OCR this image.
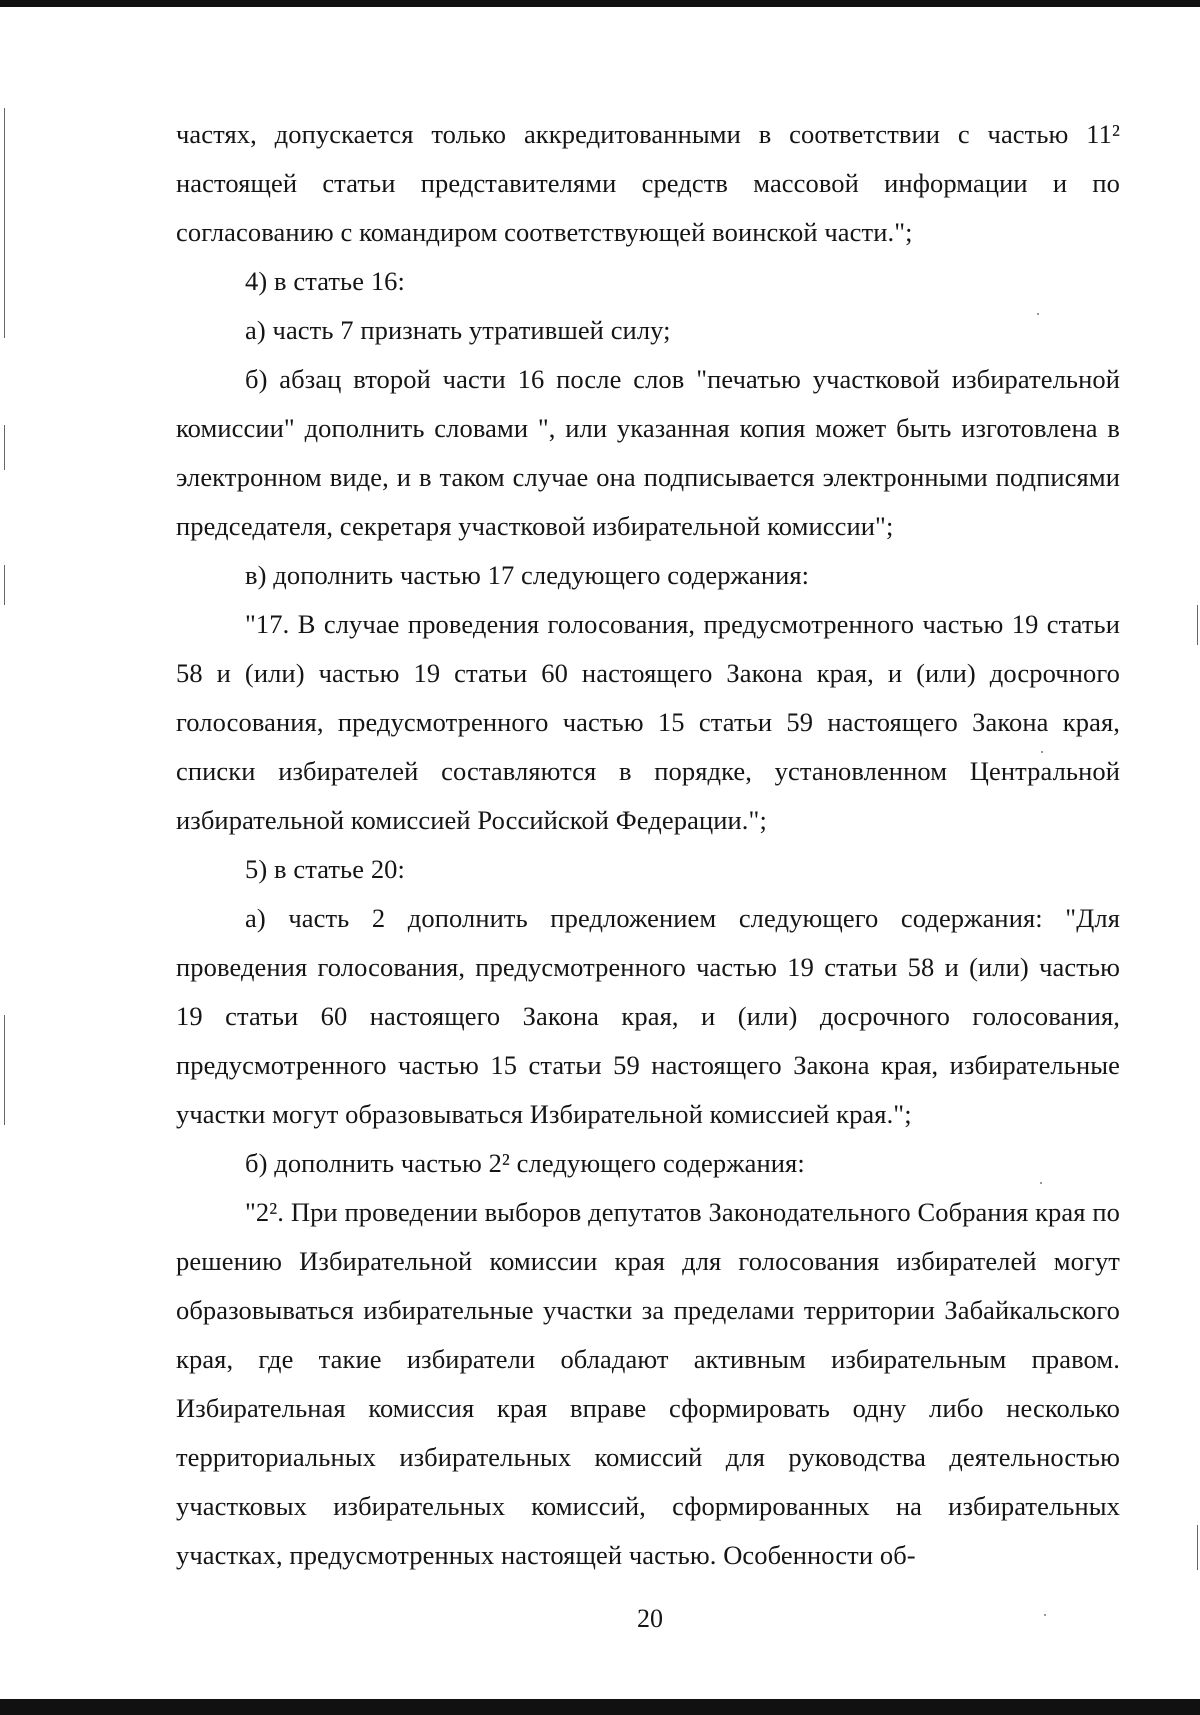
частях, допускается только аккредитованными в соответствии с частью 11² настоящей статьи представителями средств массовой информации и по согласованию с командиром соответствующей воинской части.";

4) в статье 16:

а) часть 7 признать утратившей силу;

б) абзац второй части 16 после слов "печатью участковой избирательной комиссии" дополнить словами ", или указанная копия может быть изготовлена в электронном виде, и в таком случае она подписывается электронными подписями председателя, секретаря участковой избирательной комиссии";

в) дополнить частью 17 следующего содержания:

"17. В случае проведения голосования, предусмотренного частью 19 статьи 58 и (или) частью 19 статьи 60 настоящего Закона края, и (или) досрочного голосования, предусмотренного частью 15 статьи 59 настоящего Закона края, списки избирателей составляются в порядке, установленном Центральной избирательной комиссией Российской Федерации.";

5) в статье 20:

а) часть 2 дополнить предложением следующего содержания: "Для проведения голосования, предусмотренного частью 19 статьи 58 и (или) частью 19 статьи 60 настоящего Закона края, и (или) досрочного голосования, предусмотренного частью 15 статьи 59 настоящего Закона края, избирательные участки могут образовываться Избирательной комиссией края.";

б) дополнить частью 2² следующего содержания:

"2². При проведении выборов депутатов Законодательного Собрания края по решению Избирательной комиссии края для голосования избирателей могут образовываться избирательные участки за пределами территории Забайкальского края, где такие избиратели обладают активным избирательным правом. Избирательная комиссия края вправе сформировать одну либо несколько территориальных избирательных комиссий для руководства деятельностью участковых избирательных комиссий, сформированных на избирательных участках, предусмотренных настоящей частью. Особенности об-

20
